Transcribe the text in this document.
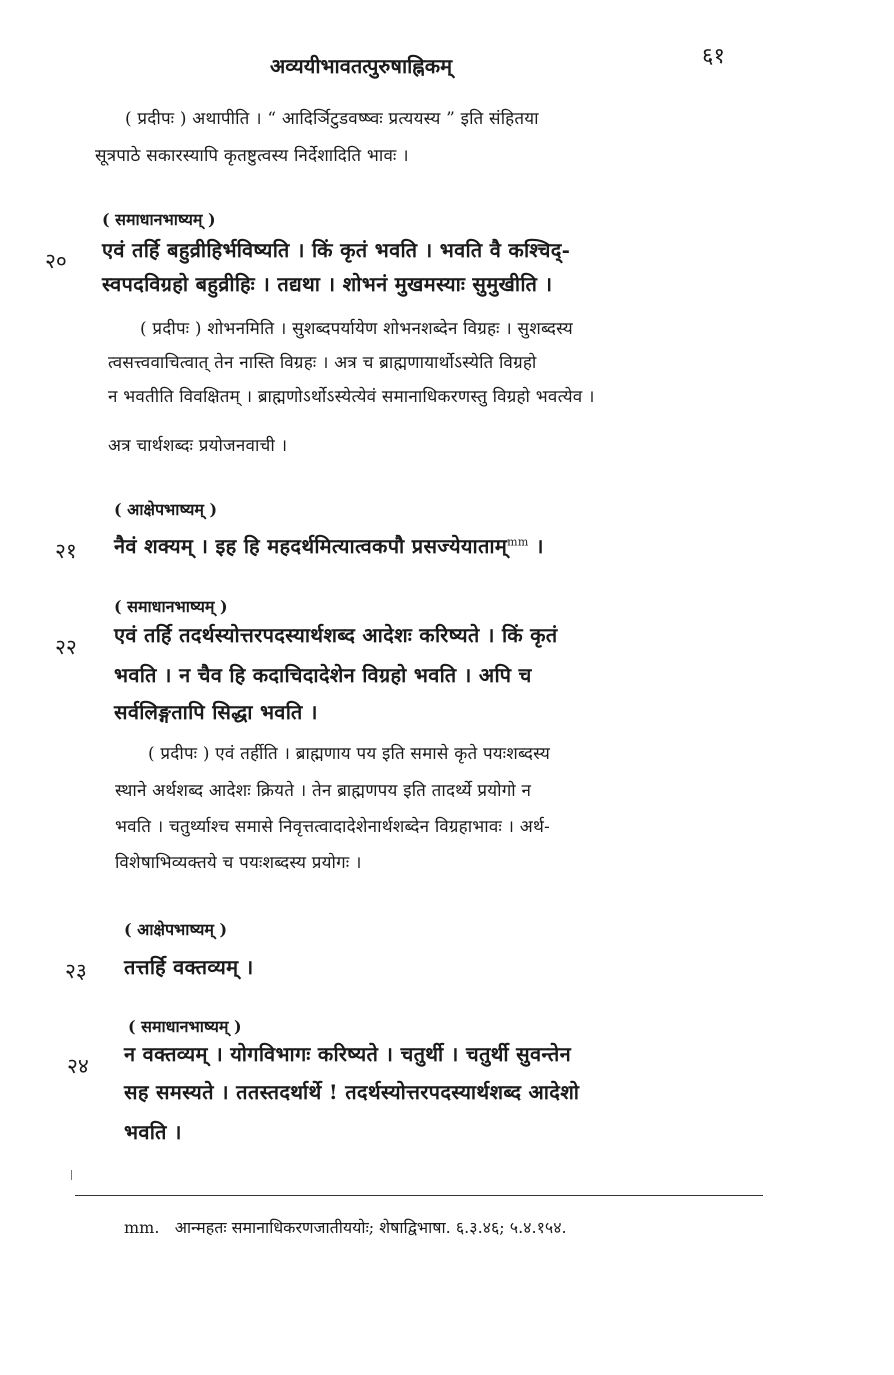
अव्ययीभावतत्पुरुषाह्निकम्	६१
( प्रदीपः ) अथापीति । “ आदिर्ञिटुडवष्ष्वः प्रत्ययस्य ” इति संहितया
सूत्रपाठे सकारस्यापि कृतष्टुत्वस्य निर्देशादिति भावः ।
( समाधानभाष्यम् )
२० एवं तर्हि बहुव्रीहिर्भविष्यति । किं कृतं भवति । भवति वै कश्चिद्-
स्वपदविग्रहो बहुव्रीहिः । तद्यथा । शोभनं मुखमस्याः सुमुखीति ।
( प्रदीपः ) शोभनमिति । सुशब्दपर्यायेण शोभनशब्देन विग्रहः । सुशब्दस्य
त्वसत्त्ववाचित्वात् तेन नास्ति विग्रहः । अत्र च ब्राह्मणायार्थोऽस्येति विग्रहो
न भवतीति विवक्षितम् । ब्राह्मणोऽर्थोऽस्येत्येवं समानाधिकरणस्तु विग्रहो भवत्येव ।
अत्र चार्थशब्दः प्रयोजनवाची ।
( आक्षेपभाष्यम् )
२१ नैवं शक्यम् । इह हि महदर्थमित्यात्वकपौ प्रसज्येयाताम्$^{mm}$ ।
( समाधानभाष्यम् )
२२ एवं तर्हि तदर्थस्योत्तरपदस्यार्थशब्द आदेशः करिष्यते । किं कृतं
भवति । न चैव हि कदाचिदादेशेन विग्रहो भवति । अपि च
सर्वलिङ्गतापि सिद्धा भवति ।
( प्रदीपः ) एवं तर्हीति । ब्राह्मणाय पय इति समासे कृते पयःशब्दस्य
स्थाने अर्थशब्द आदेशः क्रियते । तेन ब्राह्मणपय इति तादर्थ्ये प्रयोगो न
भवति । चतुर्थ्याश्च समासे निवृत्तत्वादादेशेनार्थशब्देन विग्रहाभावः । अर्थ-
विशेषाभिव्यक्तये च पयःशब्दस्य प्रयोगः ।
( आक्षेपभाष्यम् )
२३ तत्तर्हि वक्तव्यम् ।
( समाधानभाष्यम् )
२४ न वक्तव्यम् । योगविभागः करिष्यते । चतुर्थी । चतुर्थी सुवन्तेन
सह समस्यते । ततस्तदर्थार्थे ! तदर्थस्योत्तरपदस्यार्थशब्द आदेशो
भवति ।
mm. आन्महतः समानाधिकरणजातीययोः; शेषाद्विभाषा. ६.३.४६; ५.४.१५४.
